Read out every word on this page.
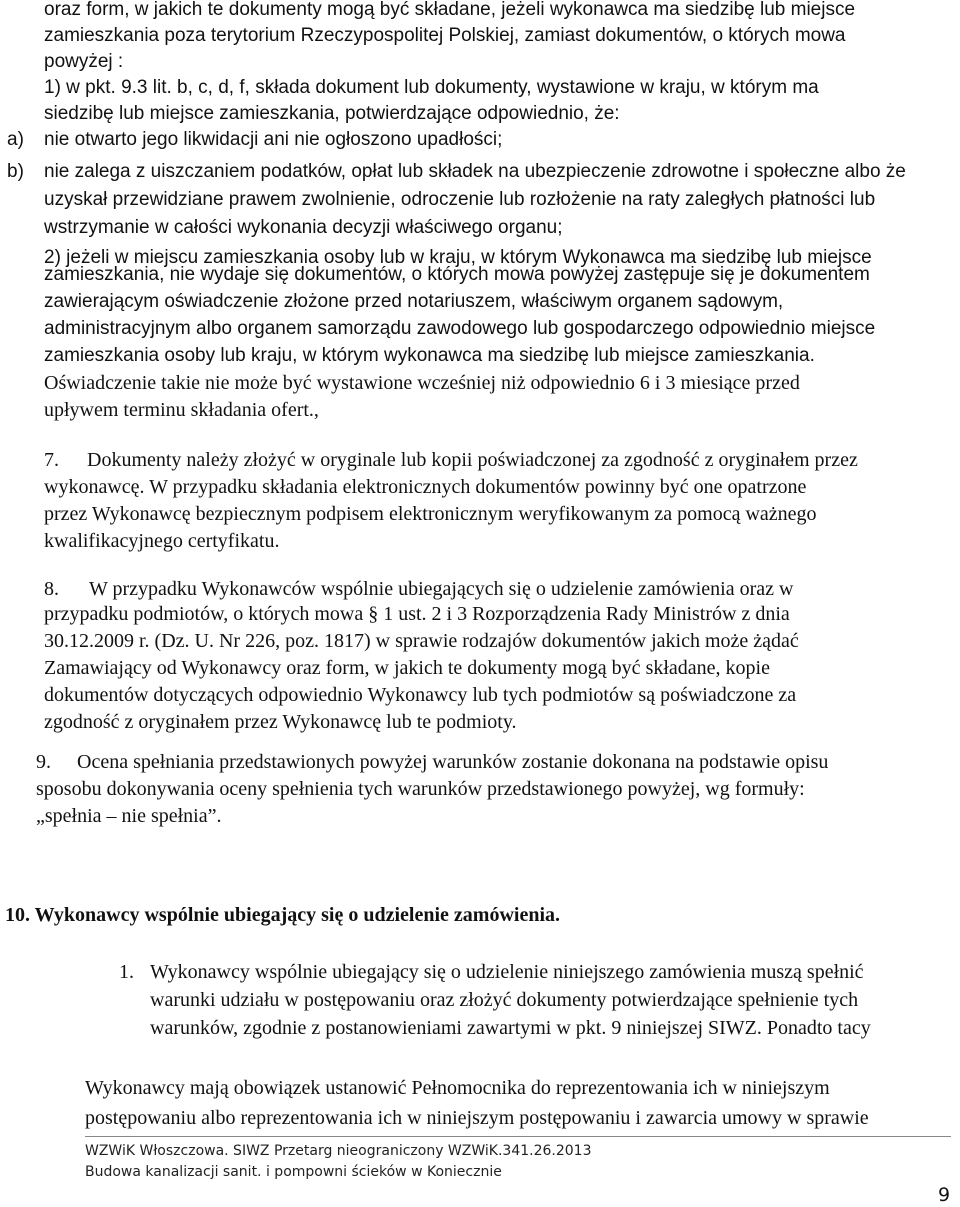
oraz form, w jakich te dokumenty mogą być składane, jeżeli wykonawca ma siedzibę lub miejsce
zamieszkania poza terytorium Rzeczypospolitej Polskiej, zamiast dokumentów, o których mowa
powyżej :
1) w pkt. 9.3 lit. b, c, d, f, składa dokument lub dokumenty, wystawione w kraju, w którym ma
siedzibę lub miejsce zamieszkania, potwierdzające odpowiednio, że:
a) nie otwarto jego likwidacji ani nie ogłoszono upadłości;
b) nie zalega z uiszczaniem podatków, opłat lub składek na ubezpieczenie zdrowotne i społeczne albo że
uzyskał przewidziane prawem zwolnienie, odroczenie lub rozłożenie na raty zaległych płatności lub
wstrzymanie w całości wykonania decyzji właściwego organu;
2) jeżeli w miejscu zamieszkania osoby lub w kraju, w którym Wykonawca ma siedzibę lub miejsce
zamieszkania, nie wydaje się dokumentów, o których mowa powyżej zastępuje się je dokumentem
zawierającym oświadczenie złożone przed notariuszem, właściwym organem sądowym,
administracyjnym albo organem samorządu zawodowego lub gospodarczego odpowiednio miejsce
zamieszkania osoby lub kraju, w którym wykonawca ma siedzibę lub miejsce zamieszkania.
Oświadczenie takie nie może być wystawione wcześniej niż odpowiednio 6 i 3 miesiące przed
upływem terminu składania ofert.,
7. Dokumenty należy złożyć w oryginale lub kopii poświadczonej za zgodność z oryginałem przez
wykonawcę. W przypadku składania elektronicznych dokumentów powinny być one opatrzone
przez Wykonawcę bezpiecznym podpisem elektronicznym weryfikowanym za pomocą ważnego
kwalifikacyjnego certyfikatu.
8. W przypadku Wykonawców wspólnie ubiegających się o udzielenie zamówienia oraz w
przypadku podmiotów, o których mowa § 1 ust. 2 i 3 Rozporządzenia Rady Ministrów z dnia
30.12.2009 r. (Dz. U. Nr 226, poz. 1817) w sprawie rodzajów dokumentów jakich może żądać
Zamawiający od Wykonawcy oraz form, w jakich te dokumenty mogą być składane, kopie
dokumentów dotyczących odpowiednio Wykonawcy lub tych podmiotów są poświadczone za
zgodność z oryginałem przez Wykonawcę lub te podmioty.
9. Ocena spełniania przedstawionych powyżej warunków zostanie dokonana na podstawie opisu
sposobu dokonywania oceny spełnienia tych warunków przedstawionego powyżej, wg formuły:
„spełnia – nie spełnia”.
10. Wykonawcy wspólnie ubiegający się o udzielenie zamówienia.
1. Wykonawcy wspólnie ubiegający się o udzielenie niniejszego zamówienia muszą spełnić
warunki udziału w postępowaniu oraz złożyć dokumenty potwierdzające spełnienie tych
warunków, zgodnie z postanowieniami zawartymi w pkt. 9 niniejszej SIWZ. Ponadto tacy
Wykonawcy mają obowiązek ustanowić Pełnomocnika do reprezentowania ich w niniejszym
postępowaniu albo reprezentowania ich w niniejszym postępowaniu i zawarcia umowy w sprawie
WZWiK Włoszczowa. SIWZ Przetarg nieograniczony WZWiK.341.26.2013
Budowa kanalizacji sanit. i pompowni ścieków w Koniecznie
9
